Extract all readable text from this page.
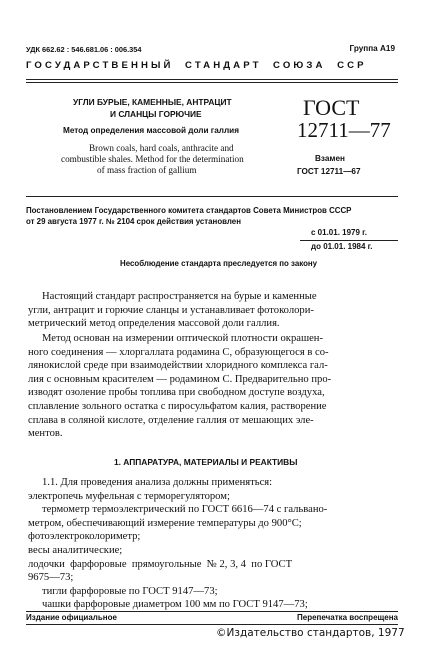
УДК 662.62 : 546.681.06 : 006.354	Группа А19
ГОСУДАРСТВЕННЫЙ  СТАНДАРТ  СОЮЗА  ССР
УГЛИ БУРЫЕ, КАМЕННЫЕ, АНТРАЦИТ
И СЛАНЦЫ ГОРЮЧИЕ
Метод определения массовой доли галлия
Brown coals, hard coals, anthracite and
combustible shales. Method for the determination
of mass fraction of gallium
ГОСТ
12711—77
Взамен
ГОСТ 12711—67
Постановлением Государственного комитета стандартов Совета Министров СССР
от 29 августа 1977 г. № 2104 срок действия установлен
с 01.01. 1979 г.
до 01.01. 1984 г.
Несоблюдение стандарта преследуется по закону
Настоящий стандарт распространяется на бурые и каменные
угли, антрацит и горючие сланцы и устанавливает фотоколори-
метрический метод определения массовой доли галлия.
Метод основан на измерении оптической плотности окрашен-
ного соединения — хлоргаллата родамина С, образующегося в со-
лянокислой среде при взаимодействии хлоридного комплекса гал-
лия с основным красителем — родамином С. Предварительно про-
изводят озоление пробы топлива при свободном доступе воздуха,
сплавление зольного остатка с пиросульфатом калия, растворение
сплава в соляной кислоте, отделение галлия от мешающих эле-
ментов.
1. АППАРАТУРА, МАТЕРИАЛЫ И РЕАКТИВЫ
1.1. Для проведения анализа должны применяться:
электропечь муфельная с терморегулятором;
термометр термоэлектрический по ГОСТ 6616—74 с гальвано-
метром, обеспечивающий измерение температуры до 900°С;
фотоэлектроколориметр;
весы аналитические;
лодочки  фарфоровые  прямоугольные  № 2, 3, 4  по ГОСТ
9675—73;
тигли фарфоровые по ГОСТ 9147—73;
чашки фарфоровые диаметром 100 мм по ГОСТ 9147—73;
Издание официальное	Перепечатка воспрещена
©Издательство стандартов, 1977
